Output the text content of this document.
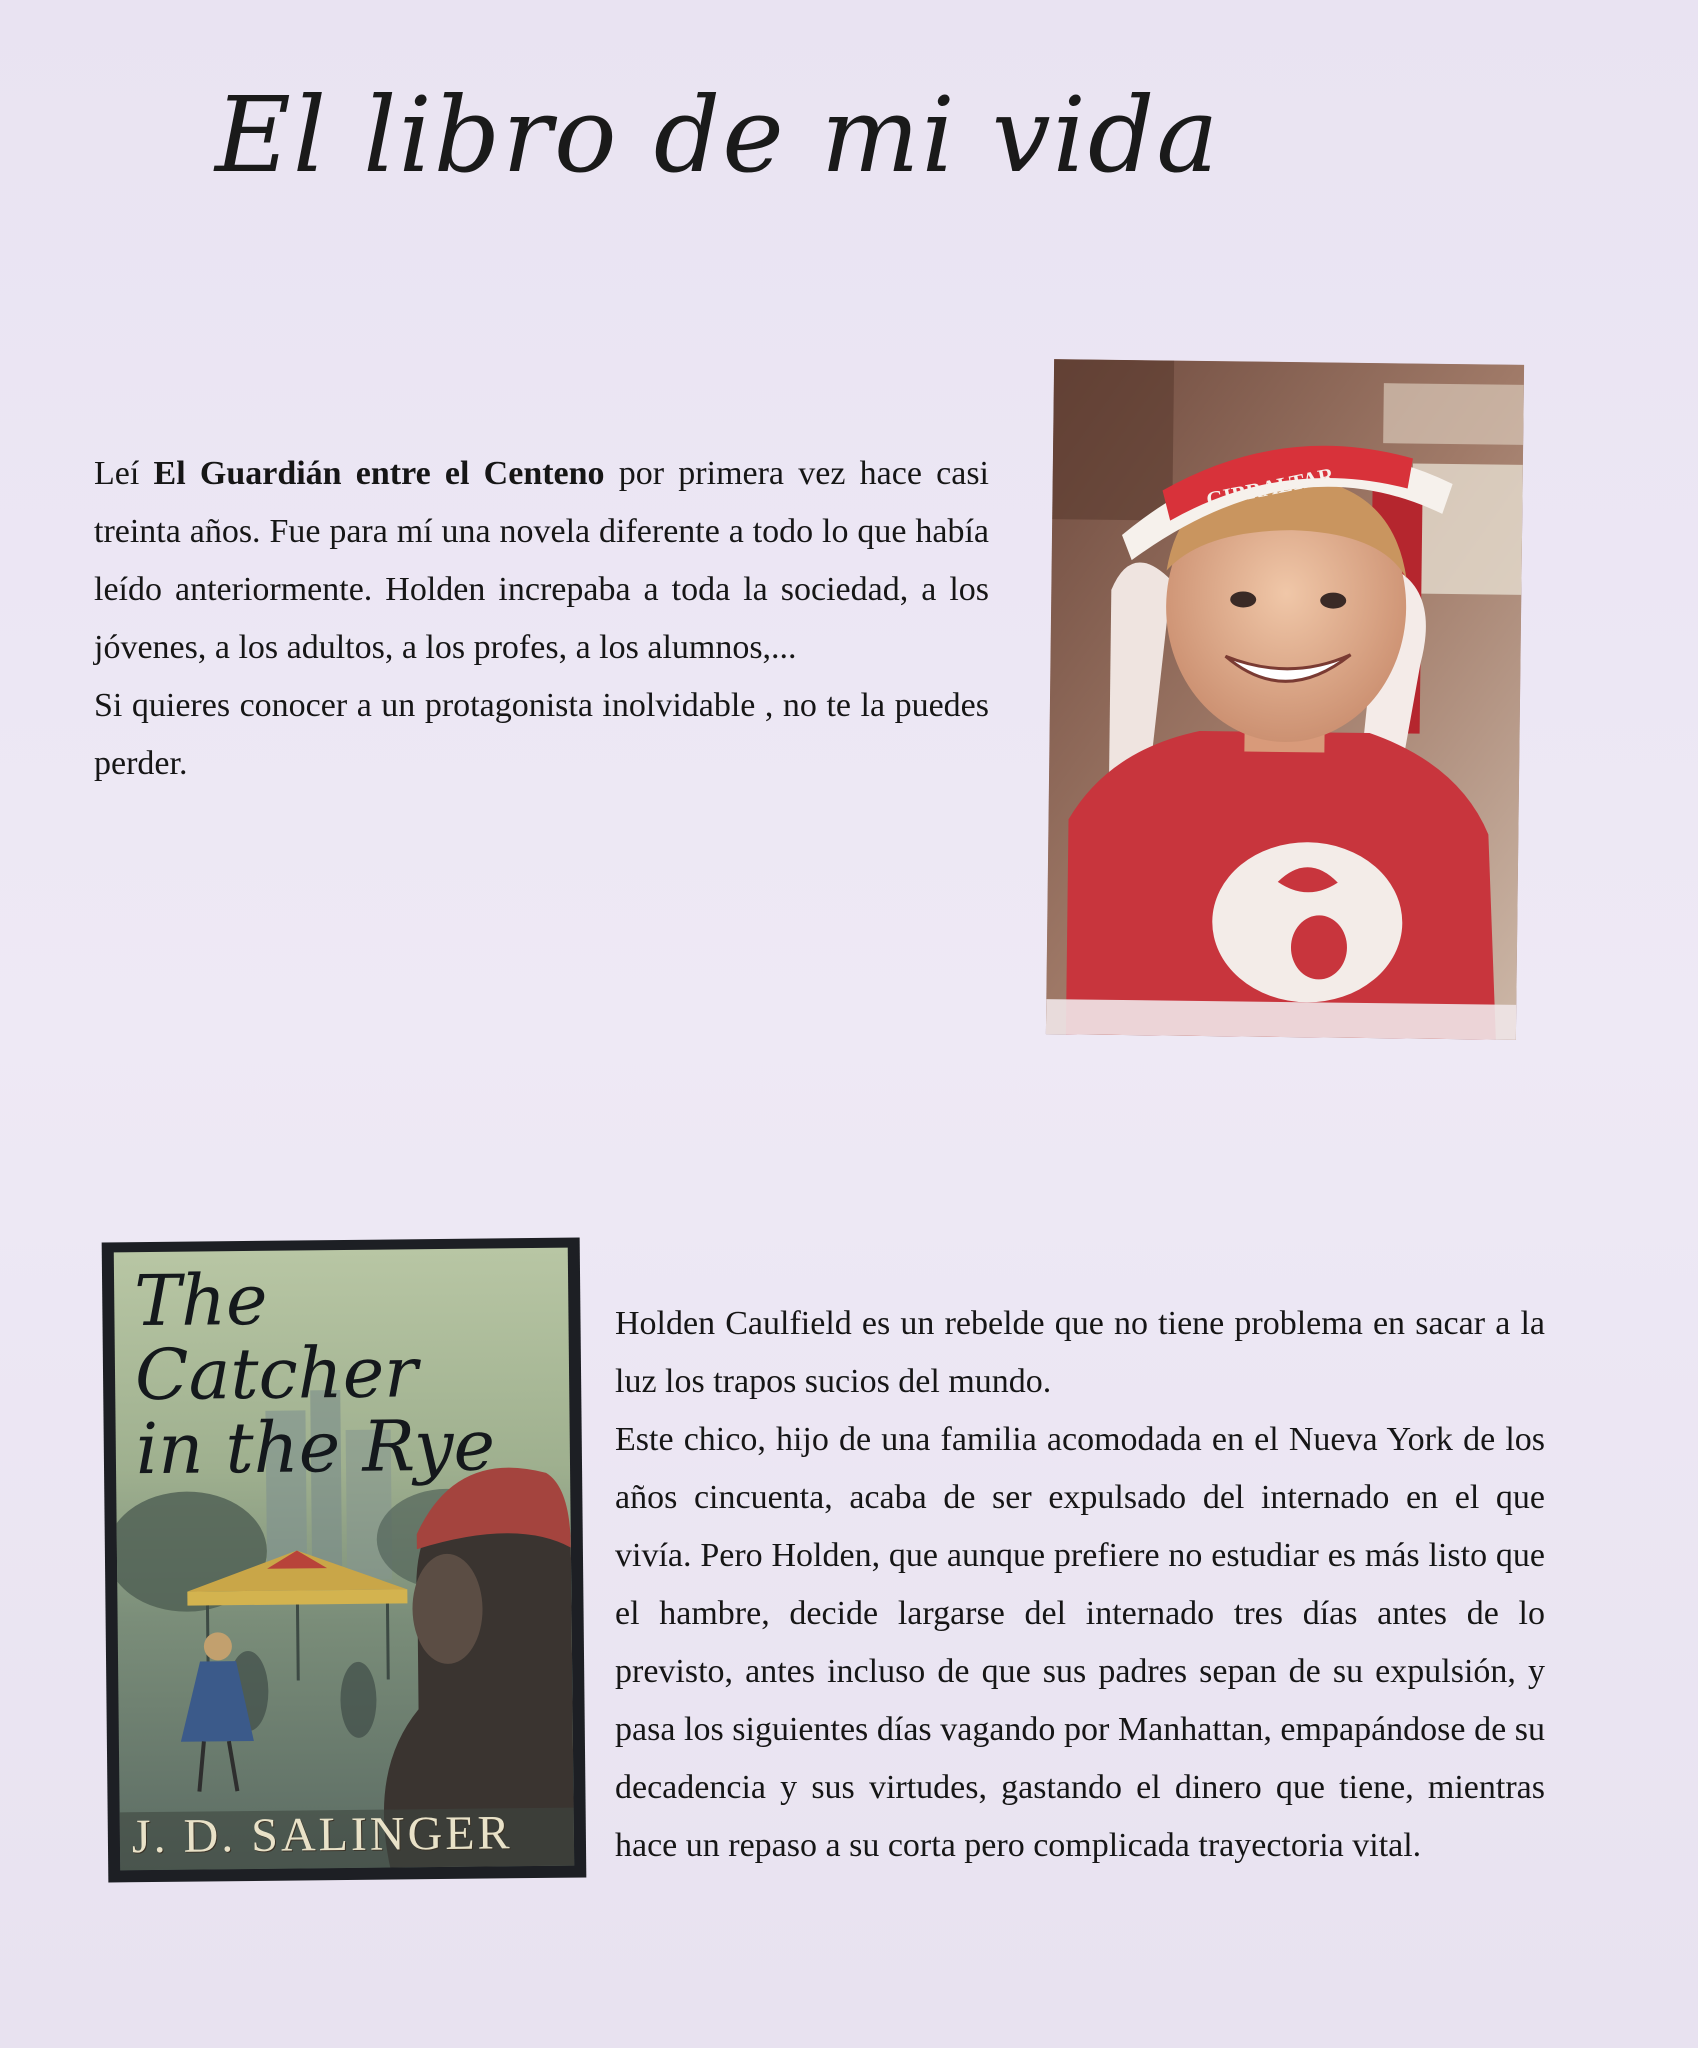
El libro de mi vida

Leí El Guardián entre el Centeno por primera vez hace casi treinta años. Fue para mí una novela diferente a todo lo que había leído anteriormente. Holden increpaba a toda la sociedad, a los jóvenes, a los adultos, a los profes, a los alumnos,...

Si quieres conocer a un protagonista inolvidable , no te la puedes perder.

GIBRALTAR
The Catcher
in the Rye
J. D. SALINGER

Holden Caulfield es un rebelde que no tiene problema en sacar a la luz los trapos sucios del mundo.

Este chico, hijo de una familia acomodada en el Nueva York de los años cincuenta, acaba de ser expulsado del internado en el que vivía. Pero Holden, que aunque prefiere no estudiar es más listo que el hambre, decide largarse del internado tres días antes de lo previsto, antes incluso de que sus padres sepan de su expulsión, y pasa los siguientes días vagando por Manhattan, empapándose de su decadencia y sus virtudes, gastando el dinero que tiene, mientras hace un repaso a su corta pero complicada trayectoria vital.
